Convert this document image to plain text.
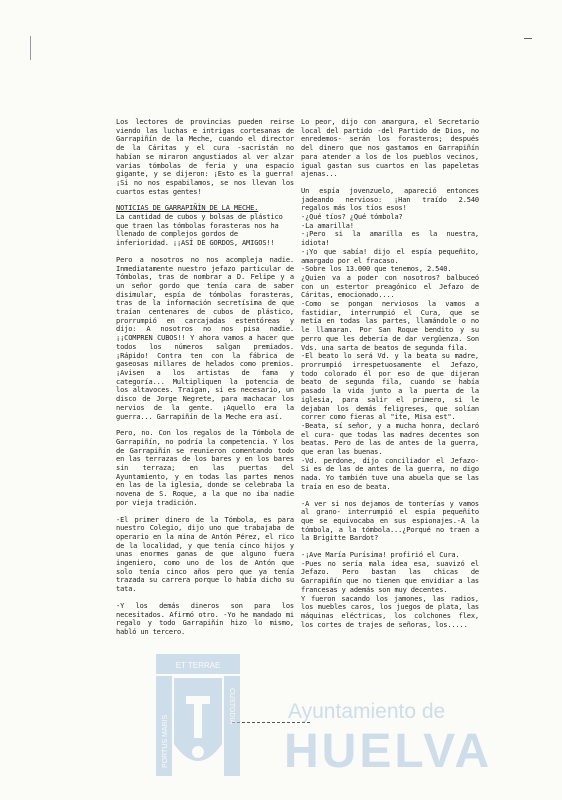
Los lectores de provincias pueden reirse viendo las luchas e intrigas cortesanas de Garrapiñín de la Meche, cuando el director de la Cáritas y el cura -sacristán no habían se miraron angustiados al ver alzar varias tómbolas de feria y una espacio gigante, y se dijeron: ¡Esto es la guerra! ¡Si no nos espabilamos, se nos llevan los cuartos estas gentes!

NOTICIAS DE GARRAPIÑÍN DE LA MECHE.

La cantidad de cubos y bolsas de plástico que traen las tómbolas forasteras nos ha llenado de complejos gordos de inferioridad. ¡¡ASÍ DE GORDOS, AMIGOS!!

Pero a nosotros no nos acompleja nadie. Inmediatamente nuestro jefazo particular de Tómbolas, tras de nombrar a D. Felipe y a un señor gordo que tenía cara de saber disimular, espía de tómbolas forasteras, tras de la información secretísima de que traían centenares de cubos de plástico, prorrumpió en carcajadas estentóreas y dijo: A nosotros no nos pisa nadie. ¡¡COMPREN CUBOS!! Y ahora vamos a hacer que todos los números salgan premiados. ¡Rápido! Contra ten con la fábrica de gaseosas millares de helados como premios. ¡Avisen a los artistas de fama y categoría... Multipliquen la potencia de los altavoces. Traigan, si es necesario, un disco de Jorge Negrete, para machacar los nervios de la gente. ¡Aquello era la guerra... Garrapiñín de la Meche era así.

Pero, no. Con los regalos de la Tómbola de Garrapiñín, no podría la competencia. Y los de Garrapiñín se reunieron comentando todo en las terrazas de los bares y en los bares sin terraza; en las puertas del Ayuntamiento, y en todas las partes menos en las de la iglesia, donde se celebraba la novena de S. Roque, a la que no iba nadie por vieja tradición.

-El primer dinero de la Tómbola, es para nuestro Colegio, dijo uno que trabajaba de operario en la mina de Antón Pérez, el rico de la localidad, y que tenía cinco hijos y unas enormes ganas de que alguno fuera ingeniero, como uno de los de Antón que solo tenía cinco años pero que ya tenía trazada su carrera porque lo había dicho su tata.

-Y los demás dineros son para los necesitados. Afirmó otro. -Yo he mandado mi regalo y todo Garrapiñín hizo lo mismo, habló un tercero.

Lo peor, dijo con amargura, el Secretario local del partido -del Partido de Dios, no enredemos- serán los forasteros; después del dinero que nos gastamos en Garrapiñín para atender a los de los pueblos vecinos, igual gastan sus cuartos en las papeletas ajenas...

Un espía jovenzuelo, apareció entonces jadeando nervioso: ¡Han traído 2.540 regalos más los tíos esos!
-¿Qué tíos? ¿Qué tómbola?
-La amarilla!
-¡Pero si la amarilla es la nuestra, idiota!
-¡Yo que sabía! dijo el espía pequeñito, amargado por el fracaso.
-Sobre los 13.000 que tenemos, 2.540.
¿Quien va a poder con nosotros? balbuceó con un estertor preagónico el Jefazo de Cáritas, emocionado....
-Como se pongan nerviosos la vamos a fastidiar, interrumpió el Cura, que se metía en todas las partes, llamándole o no le llamaran. Por San Roque bendito y su perro que les debería de dar vergüenza. Son Vds. una sarta de beatos de segunda fila.
-El beato lo será Vd. y la beata su madre, prorrumpió irrespetuosamente el Jefazo, todo colorado él por eso de que dijeran beato de segunda fila, cuando se había pasado la vida junto a la puerta de la iglesia, para salir el primero, si le dejaban los demás feligreses, que solían correr como fieras al "ite, Misa est".
-Beata, sí señor, y a mucha honra, declaró el cura- que todas las madres decentes son beatas. Pero de las de antes de la guerra, que eran las buenas.
-Vd. perdone, dijo conciliador el Jefazo- Si es de las de antes de la guerra, no digo nada. Yo también tuve una abuela que se las traía en eso de beata.

-A ver si nos dejamos de tonterías y vamos al grano- interrumpió el espía pequeñito que se equivocaba en sus espionajes.-A la tómbola, a la tómbola...¿Porqué no traen a la Brigitte Bardot?

-¡Ave María Purísima! profirió el Cura.
-Pues no sería mala idea esa, suavizó el Jefazo. Pero bastan las chicas de Garrapiñín que no tienen que envidiar a las francesas y además son muy decentes.
Y fueron sacando los jamones, las radios, los muebles caros, los juegos de plata, las máquinas eléctricas, los colchones flex, los cortes de trajes de señoras, los.....

ET TERRAE
PORTUS MARIS
CUSTODIA	Ayuntamiento de
HUELVA
